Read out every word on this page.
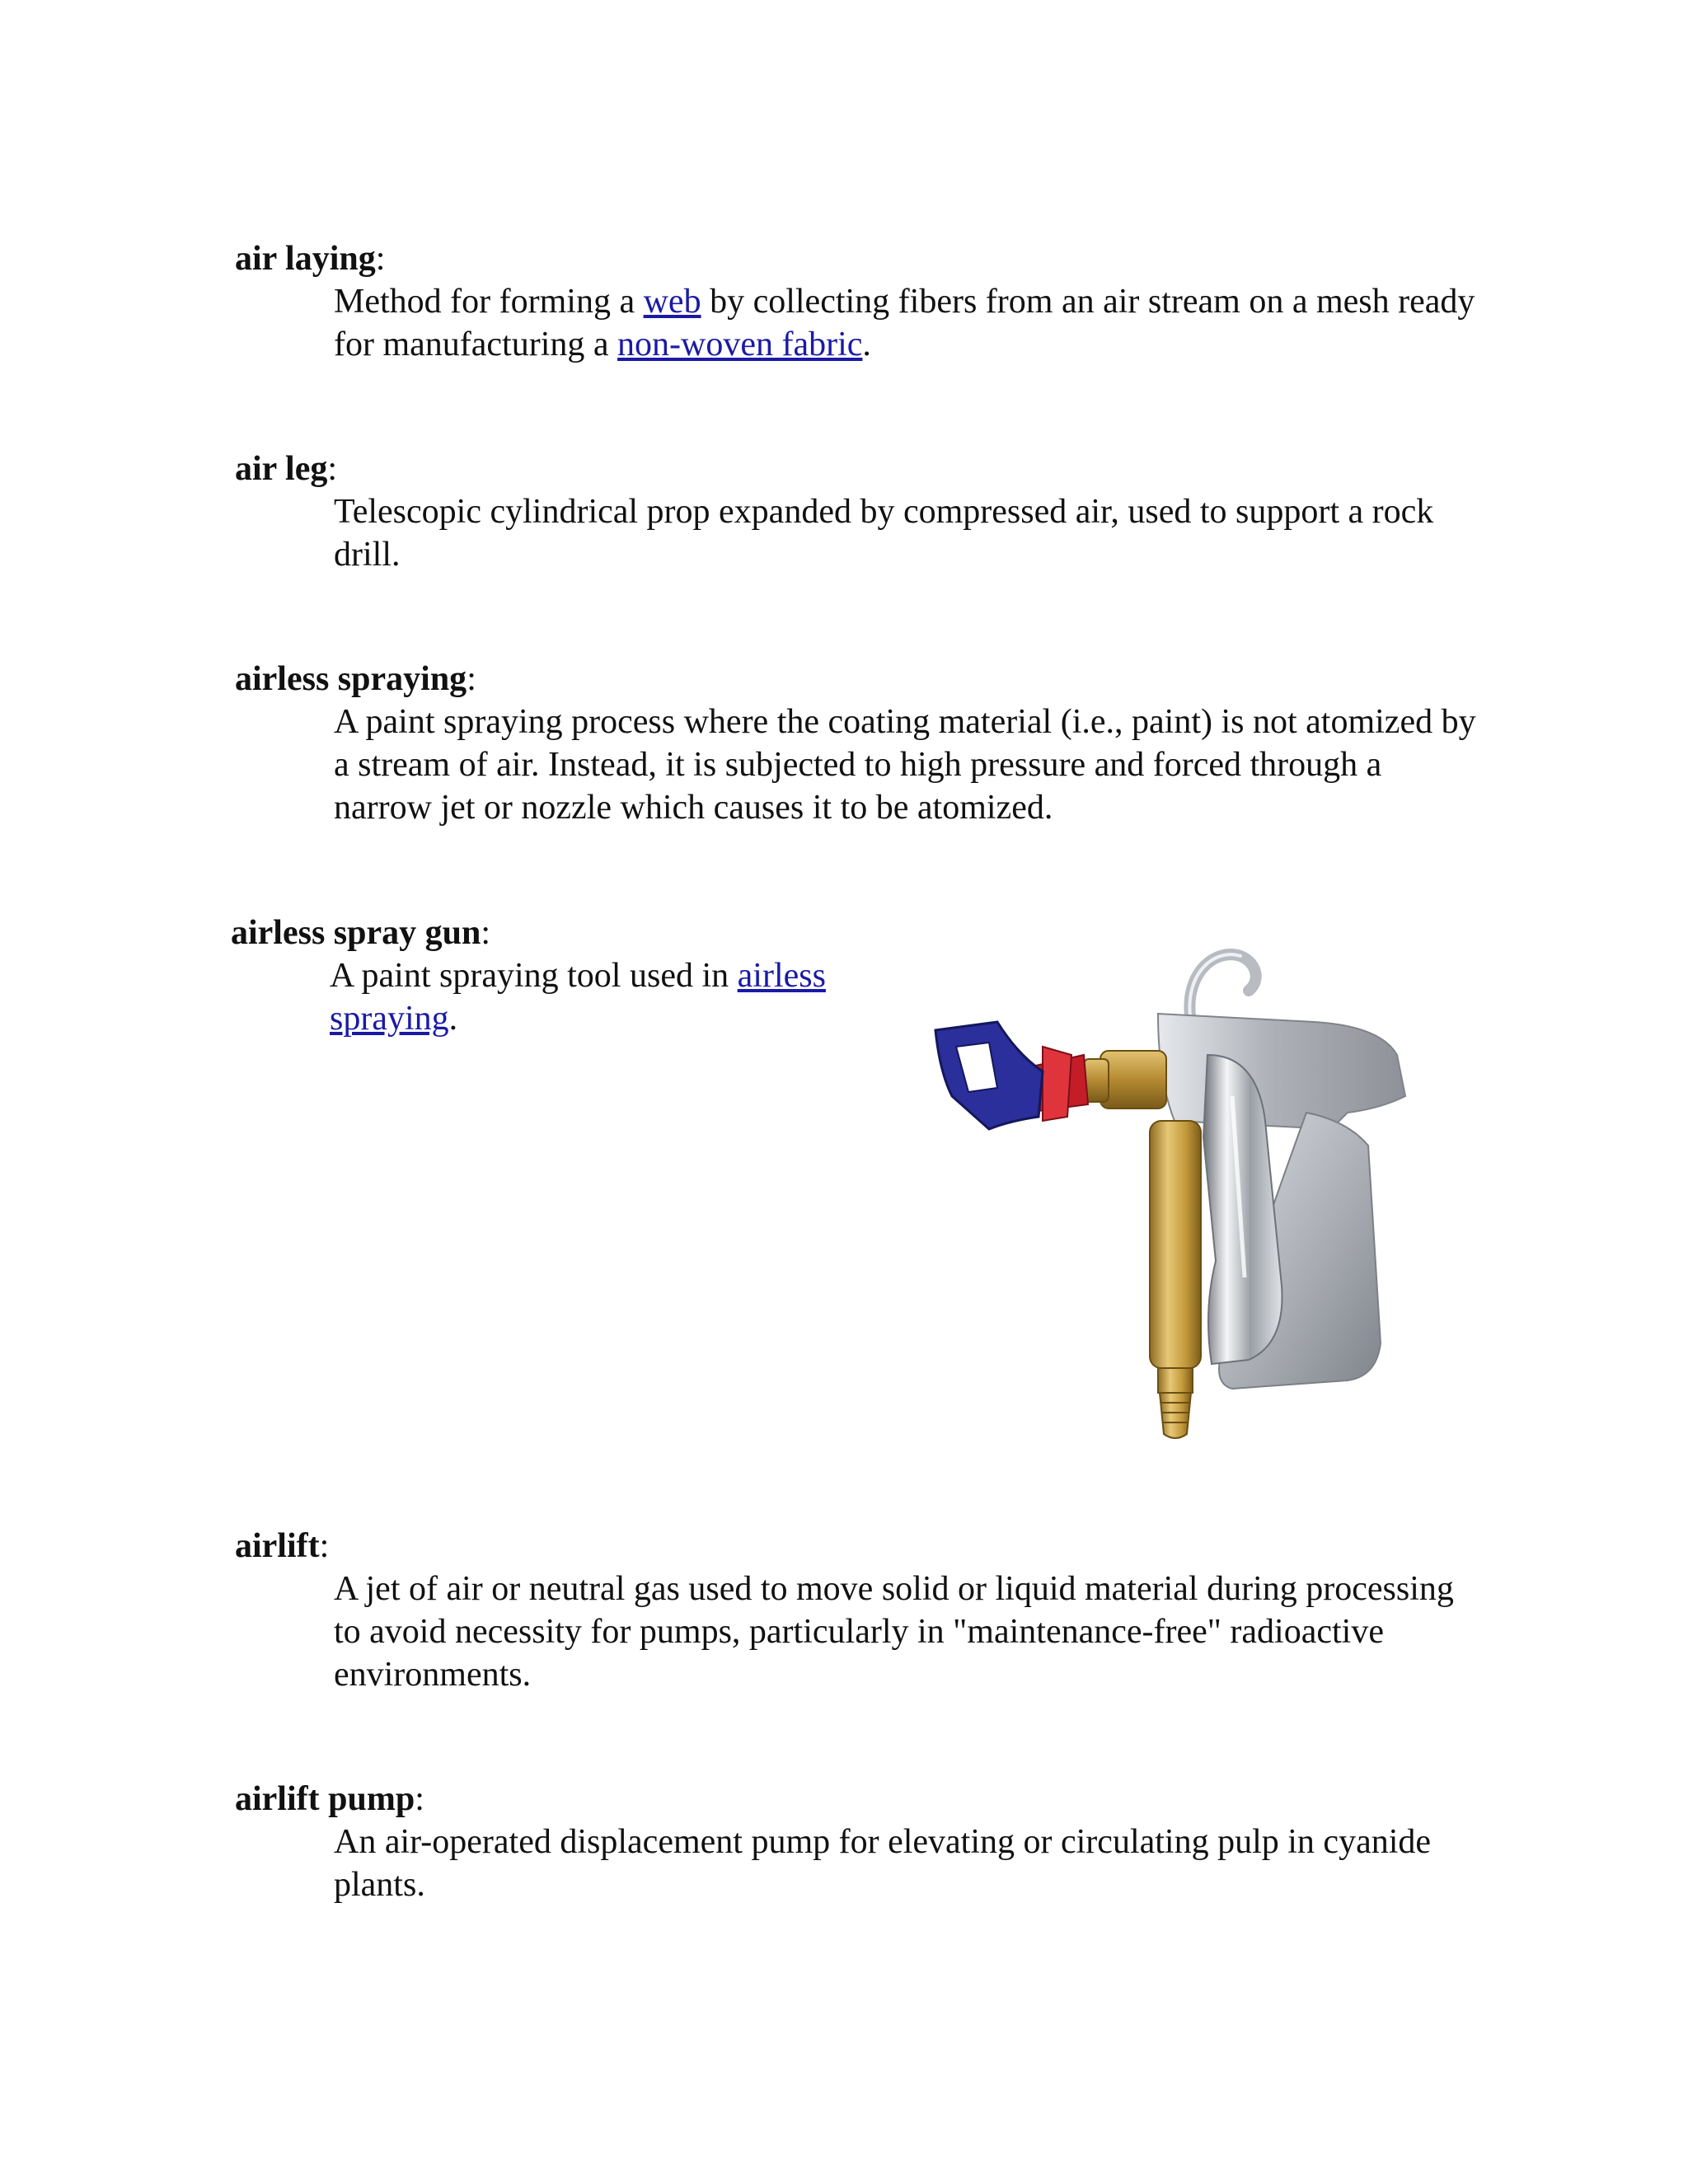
air laying:

Method for forming a web by collecting fibers from an air stream on a mesh ready for manufacturing a non-woven fabric.

air leg:

Telescopic cylindrical prop expanded by compressed air, used to support a rock drill.

airless spraying:

A paint spraying process where the coating material (i.e., paint) is not atomized by a stream of air. Instead, it is subjected to high pressure and forced through a narrow jet or nozzle which causes it to be atomized.

airless spray gun:

A paint spraying tool used in airless spraying.

airlift:

A jet of air or neutral gas used to move solid or liquid material during processing to avoid necessity for pumps, particularly in "maintenance-free" radioactive environments.

airlift pump:

An air-operated displacement pump for elevating or circulating pulp in cyanide plants.
